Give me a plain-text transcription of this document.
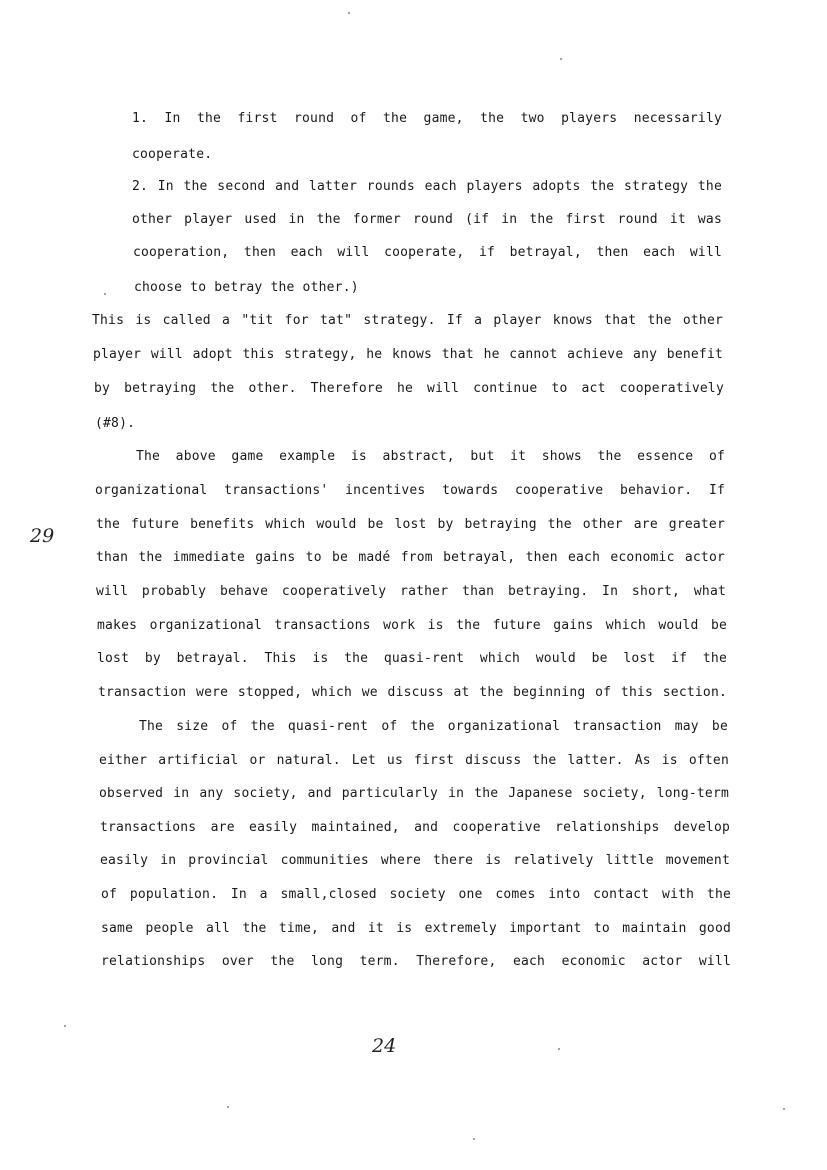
1. In the first round of the game, the two players necessarily
cooperate.
2. In the second and latter rounds each players adopts the strategy the
other player used in the former round (if in the first round it was
cooperation, then each will cooperate, if betrayal, then each will
choose to betray the other.)
This is called a "tit for tat" strategy. If a player knows that the other
player will adopt this strategy, he knows that he cannot achieve any benefit
by betraying the other. Therefore he will continue to act cooperatively
(#8).
The above game example is abstract, but it shows the essence of
organizational transactions' incentives towards cooperative behavior. If
the future benefits which would be lost by betraying the other are greater
than the immediate gains to be madé from betrayal, then each economic actor
will probably behave cooperatively rather than betraying. In short, what
makes organizational transactions work is the future gains which would be
lost by betrayal. This is the quasi-rent which would be lost if the
transaction were stopped, which we discuss at the beginning of this section.
The size of the quasi-rent of the organizational transaction may be
either artificial or natural. Let us first discuss the latter. As is often
observed in any society, and particularly in the Japanese society, long-term
transactions are easily maintained, and cooperative relationships develop
easily in provincial communities where there is relatively little movement
of population. In a small,closed society one comes into contact with the
same people all the time, and it is extremely important to maintain good
relationships over the long term. Therefore, each economic actor will
29
24
